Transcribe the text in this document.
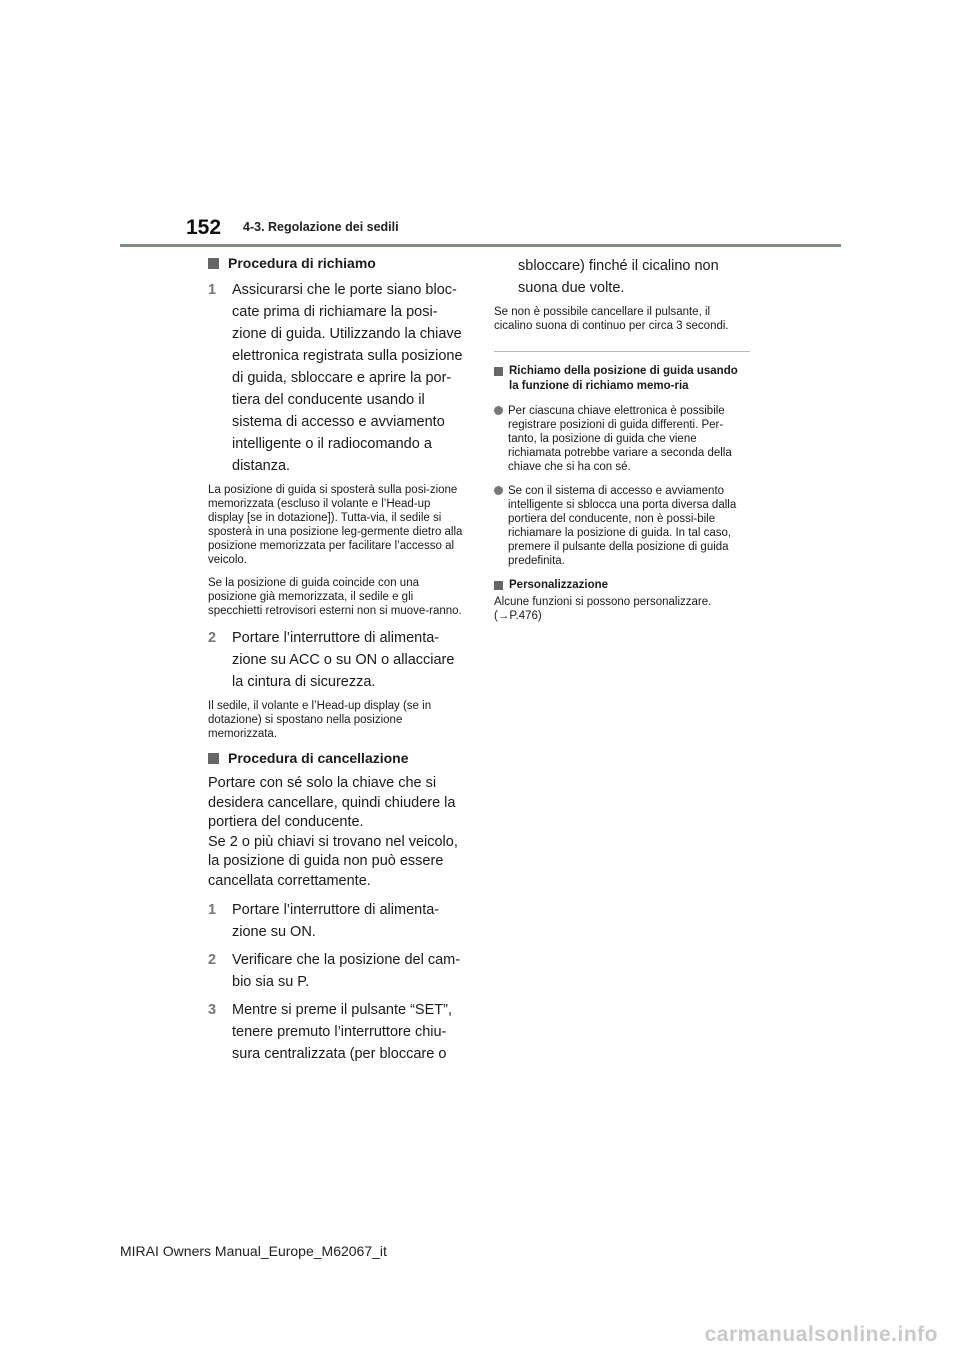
152 4-3. Regolazione dei sedili
Procedura di richiamo
1	Assicurarsi che le porte siano bloc-cate prima di richiamare la posi-zione di guida. Utilizzando la chiave elettronica registrata sulla posizione di guida, sbloccare e aprire la por-tiera del conducente usando il sistema di accesso e avviamento intelligente o il radiocomando a distanza.

La posizione di guida si sposterà sulla posi-zione memorizzata (escluso il volante e l’Head-up display [se in dotazione]). Tutta-via, il sedile si sposterà in una posizione leg-germente dietro alla posizione memorizzata per facilitare l’accesso al veicolo.

Se la posizione di guida coincide con una posizione già memorizzata, il sedile e gli specchietti retrovisori esterni non si muove-ranno.

2	Portare l’interruttore di alimenta-zione su ACC o su ON o allacciare la cintura di sicurezza.

Il sedile, il volante e l’Head-up display (se in dotazione) si spostano nella posizione memorizzata.

Procedura di cancellazione

Portare con sé solo la chiave che si desidera cancellare, quindi chiudere la portiera del conducente.

Se 2 o più chiavi si trovano nel veicolo, la posizione di guida non può essere cancellata correttamente.

1	Portare l’interruttore di alimenta-zione su ON.
2	Verificare che la posizione del cam-bio sia su P.
3	Mentre si preme il pulsante “SET”, tenere premuto l’interruttore chiu-sura centralizzata (per bloccare o
sbloccare) finché il cicalino non suona due volte.

Se non è possibile cancellare il pulsante, il cicalino suona di continuo per circa 3 secondi.

Richiamo della posizione di guida usando la funzione di richiamo memo-ria
Per ciascuna chiave elettronica è possibile registrare posizioni di guida differenti. Per-tanto, la posizione di guida che viene richiamata potrebbe variare a seconda della chiave che si ha con sé.
Se con il sistema di accesso e avviamento intelligente si sblocca una porta diversa dalla portiera del conducente, non è possi-bile richiamare la posizione di guida. In tal caso, premere il pulsante della posizione di guida predefinita.
Personalizzazione

Alcune funzioni si possono personalizzare. (→P.476)

MIRAI Owners Manual_Europe_M62067_it
carmanualsonline.info
